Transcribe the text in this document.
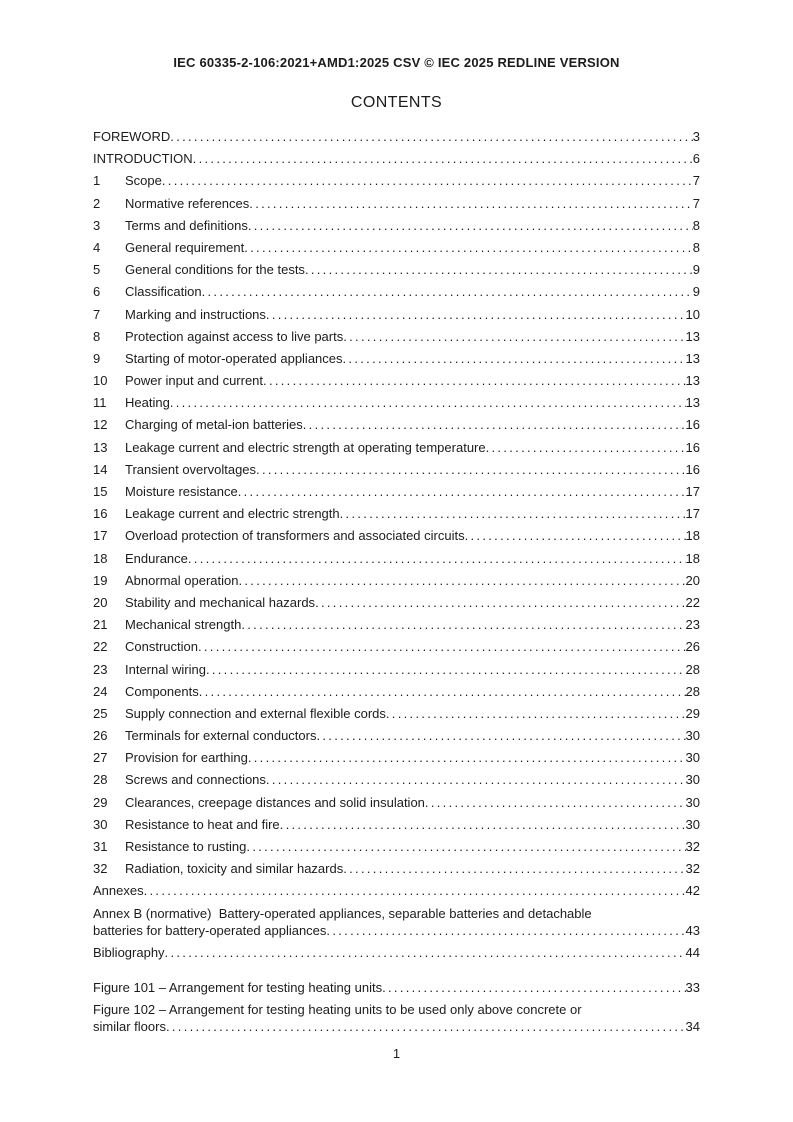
IEC 60335-2-106:2021+AMD1:2025 CSV © IEC 2025 REDLINE VERSION
CONTENTS
FOREWORD .....	3
INTRODUCTION .....	6
1	Scope .....	7
2	Normative references .....	7
3	Terms and definitions .....	8
4	General requirement .....	8
5	General conditions for the tests .....	9
6	Classification .....	9
7	Marking and instructions .....	10
8	Protection against access to live parts .....	13
9	Starting of motor-operated appliances .....	13
10	Power input and current .....	13
11	Heating .....	13
12	Charging of metal-ion batteries .....	16
13	Leakage current and electric strength at operating temperature .....	16
14	Transient overvoltages .....	16
15	Moisture resistance .....	17
16	Leakage current and electric strength .....	17
17	Overload protection of transformers and associated circuits .....	18
18	Endurance .....	18
19	Abnormal operation .....	20
20	Stability and mechanical hazards .....	22
21	Mechanical strength .....	23
22	Construction .....	26
23	Internal wiring .....	28
24	Components .....	28
25	Supply connection and external flexible cords .....	29
26	Terminals for external conductors .....	30
27	Provision for earthing .....	30
28	Screws and connections .....	30
29	Clearances, creepage distances and solid insulation .....	30
30	Resistance to heat and fire .....	30
31	Resistance to rusting .....	32
32	Radiation, toxicity and similar hazards .....	32
Annexes .....	42
Annex B (normative)  Battery-operated appliances, separable batteries and detachable
batteries for battery-operated appliances .....	43
Bibliography .....	44
Figure 101 – Arrangement for testing heating units .....	33
Figure 102 – Arrangement for testing heating units to be used only above concrete or
similar floors .....	34
1
